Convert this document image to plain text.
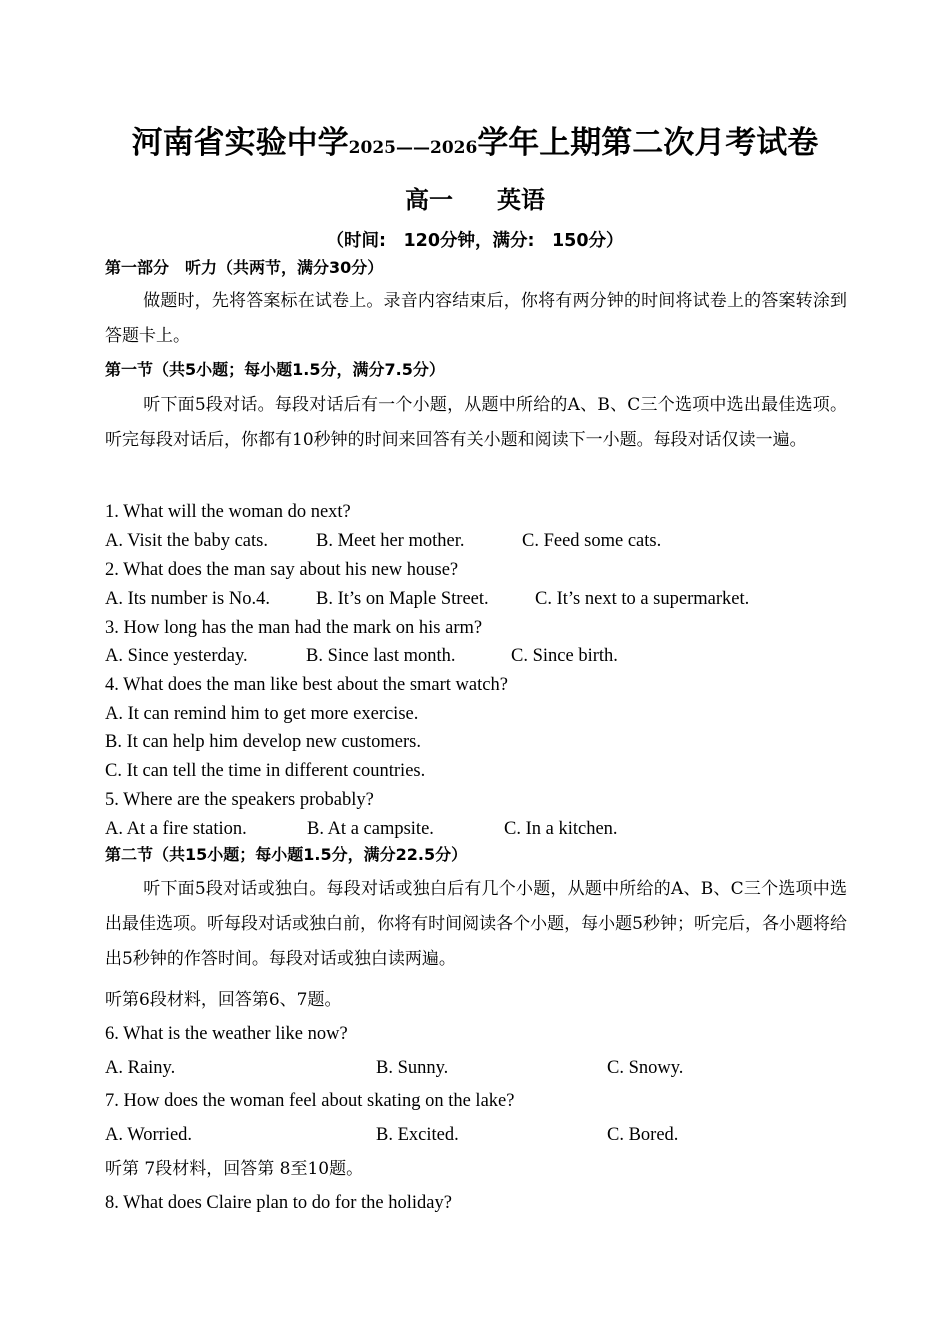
河南省实验中学2025——2026学年上期第二次月考试卷
高一 英语
（时间:　120分钟，满分:　150分）
第一部分　听力（共两节，满分30分）
做题时，先将答案标在试卷上。录音内容结束后，你将有两分钟的时间将试卷上的答案转涂到答题卡上。
第一节（共5小题；每小题1.5分，满分7.5分）
听下面5段对话。每段对话后有一个小题，从题中所给的A、B、C三个选项中选出最佳选项。听完每段对话后，你都有10秒钟的时间来回答有关小题和阅读下一小题。每段对话仅读一遍。
1. What will the woman do next?
A. Visit the baby cats.	B. Meet her mother.	C. Feed some cats.
2. What does the man say about his new house?
A. Its number is No.4. B. It’s on Maple Street.	C. It’s next to a supermarket.
3. How long has the man had the mark on his arm?
A. Since yesterday.	B. Since last month.	C. Since birth.
4. What does the man like best about the smart watch?
A. It can remind him to get more exercise.
B. It can help him develop new customers.
C. It can tell the time in different countries.
5. Where are the speakers probably?
A. At a fire station.	B. At a campsite.	C. In a kitchen.
第二节（共15小题；每小题1.5分，满分22.5分）
听下面5段对话或独白。每段对话或独白后有几个小题，从题中所给的A、B、C三个选项中选出最佳选项。听每段对话或独白前，你将有时间阅读各个小题，每小题5秒钟；听完后，各小题将给出5秒钟的作答时间。每段对话或独白读两遍。
听第6段材料，回答第6、7题。
6. What is the weather like now?
A. Rainy.	B. Sunny.	C. Snowy.
7. How does the woman feel about skating on the lake?
A. Worried.	B. Excited.	C. Bored.
听第 7段材料，回答第 8至10题。
8. What does Claire plan to do for the holiday?
